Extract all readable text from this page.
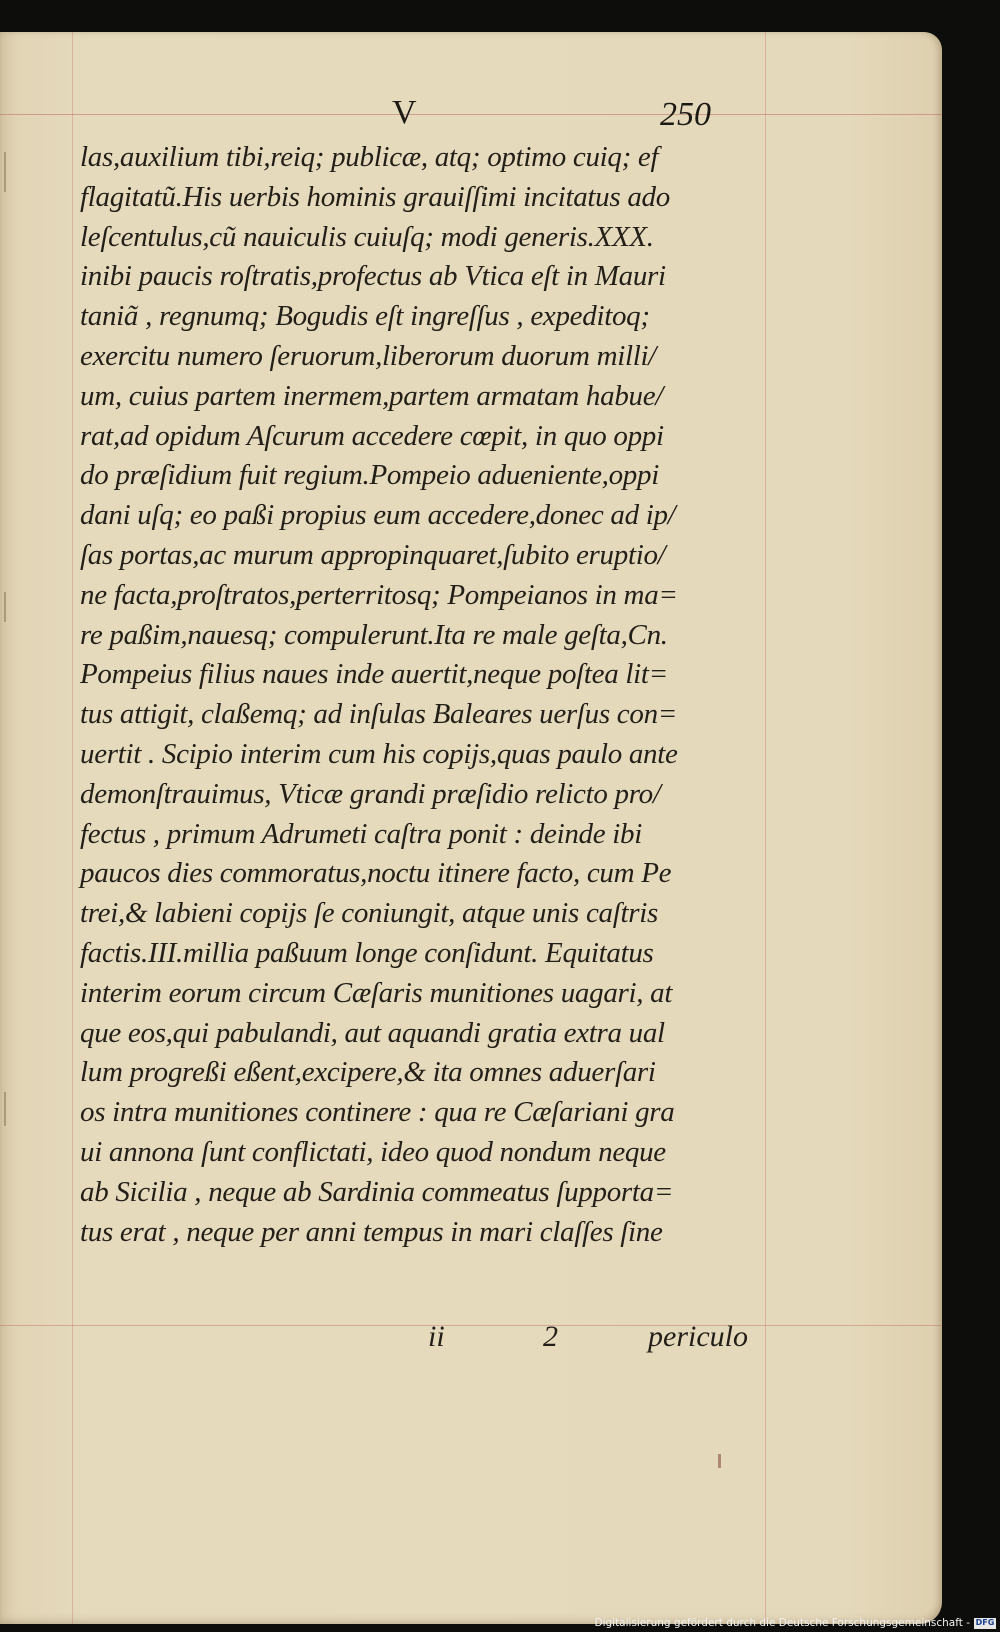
V	250
las,auxilium tibi,reiq; publicæ, atq; optimo cuiq; ef
flagitatũ.His uerbis hominis grauiſſimi incitatus ado
leſcentulus,cũ nauiculis cuiuſq; modi generis.XXX.
inibi paucis roſtratis,profectus ab Vtica eſt in Mauri
taniã , regnumq; Bogudis eſt ingreſſus , expeditoq;
exercitu numero ſeruorum,liberorum duorum milli/
um, cuius partem inermem,partem armatam habue/
rat,ad opidum Aſcurum accedere cœpit, in quo oppi
do præſidium fuit regium.Pompeio aduenientе,oppi
dani uſq; eo paßi propius eum accedere,donec ad ip/
ſas portas,ac murum appropinquaret,ſubito eruptio/
ne facta,proſtratos,perterritosq; Pompeianos in ma=
re paßim,nauesq; compulerunt.Ita re male geſta,Cn.
Pompeius filius naues inde auertit,neque poſtea lit=
tus attigit, claßemq; ad inſulas Baleares uerſus con=
uertit . Scipio interim cum his copijs,quas paulo ante
demonſtrauimus, Vticæ grandi præſidio relicto pro/
fectus , primum Adrumeti caſtra ponit : deinde ibi
paucos dies commoratus,noctu itinere facto, cum Pe
trei,& labieni copijs ſe coniungit, atque unis caſtris
factis.III.millia paßuum longe conſidunt. Equitatus
interim eorum circum Cæſaris munitiones uagari, at
que eos,qui pabulandi, aut aquandi gratia extra ual
lum progreßi eßent,excipere,& ita omnes aduerſari
os intra munitiones continere : qua re Cæſariani gra
ui annona ſunt conflictati, ideo quod nondum neque
ab Sicilia , neque ab Sardinia commeatus ſupporta=
tus erat , neque per anni tempus in mari claſſes ſine
ii	2	periculo
Digitalisierung gefördert durch die Deutsche Forschungsgemeinschaft - DFG
